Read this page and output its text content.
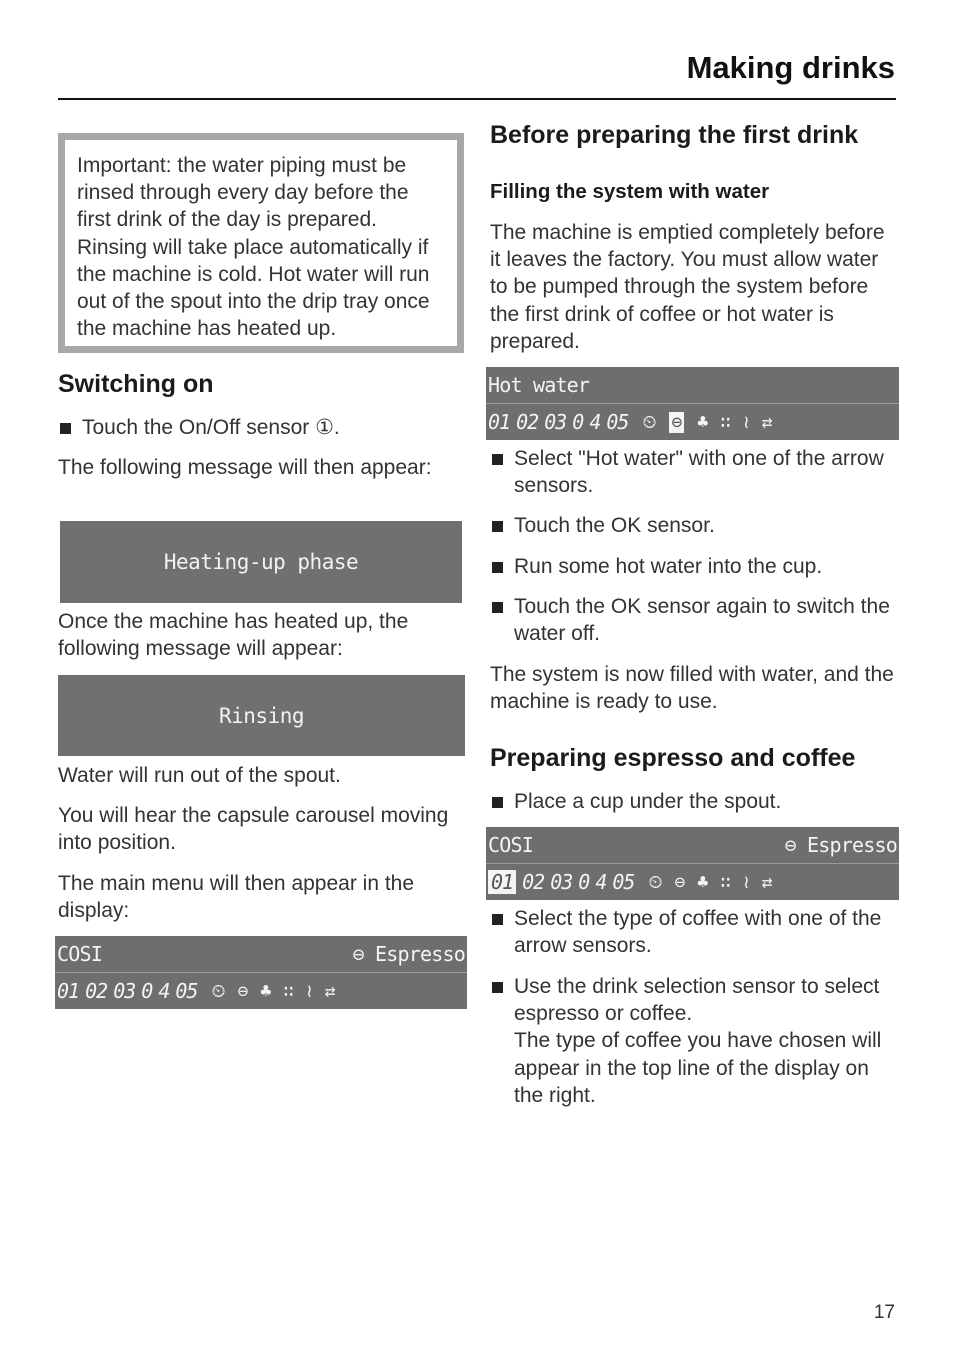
Making drinks
Important: the water piping must be rinsed through every day before the first drink of the day is prepared. Rinsing will take place automatically if the machine is cold. Hot water will run out of the spout into the drip tray once the machine has heated up.
Switching on
Touch the On/Off sensor ①.

The following message will then appear:

Heating-up phase

Once the machine has heated up, the following message will appear:

Rinsing

Water will run out of the spout.

You will hear the capsule carousel moving into position.

The main menu will then appear in the display:

COSI	⊖ Espresso
01 02 03 0 4 05 ⏲ ⊖ ♣ ∷ ≀ ⇄
Before preparing the first drink
Filling the system with water

The machine is emptied completely before it leaves the factory. You must allow water to be pumped through the system before the first drink of coffee or hot water is prepared.

Hot water
01 02 03 0 4 05 ⏲ ⊖ ♣ ∷ ≀ ⇄
Select "Hot water" with one of the arrow sensors.
Touch the OK sensor.
Run some hot water into the cup.
Touch the OK sensor again to switch the water off.

The system is now filled with water, and the machine is ready to use.

Preparing espresso and coffee
Place a cup under the spout.
COSI	⊖ Espresso
01 02 03 0 4 05 ⏲ ⊖ ♣ ∷ ≀ ⇄
Select the type of coffee with one of the arrow sensors.
Use the drink selection sensor to select espresso or coffee.
The type of coffee you have chosen will appear in the top line of the display on the right.
17
